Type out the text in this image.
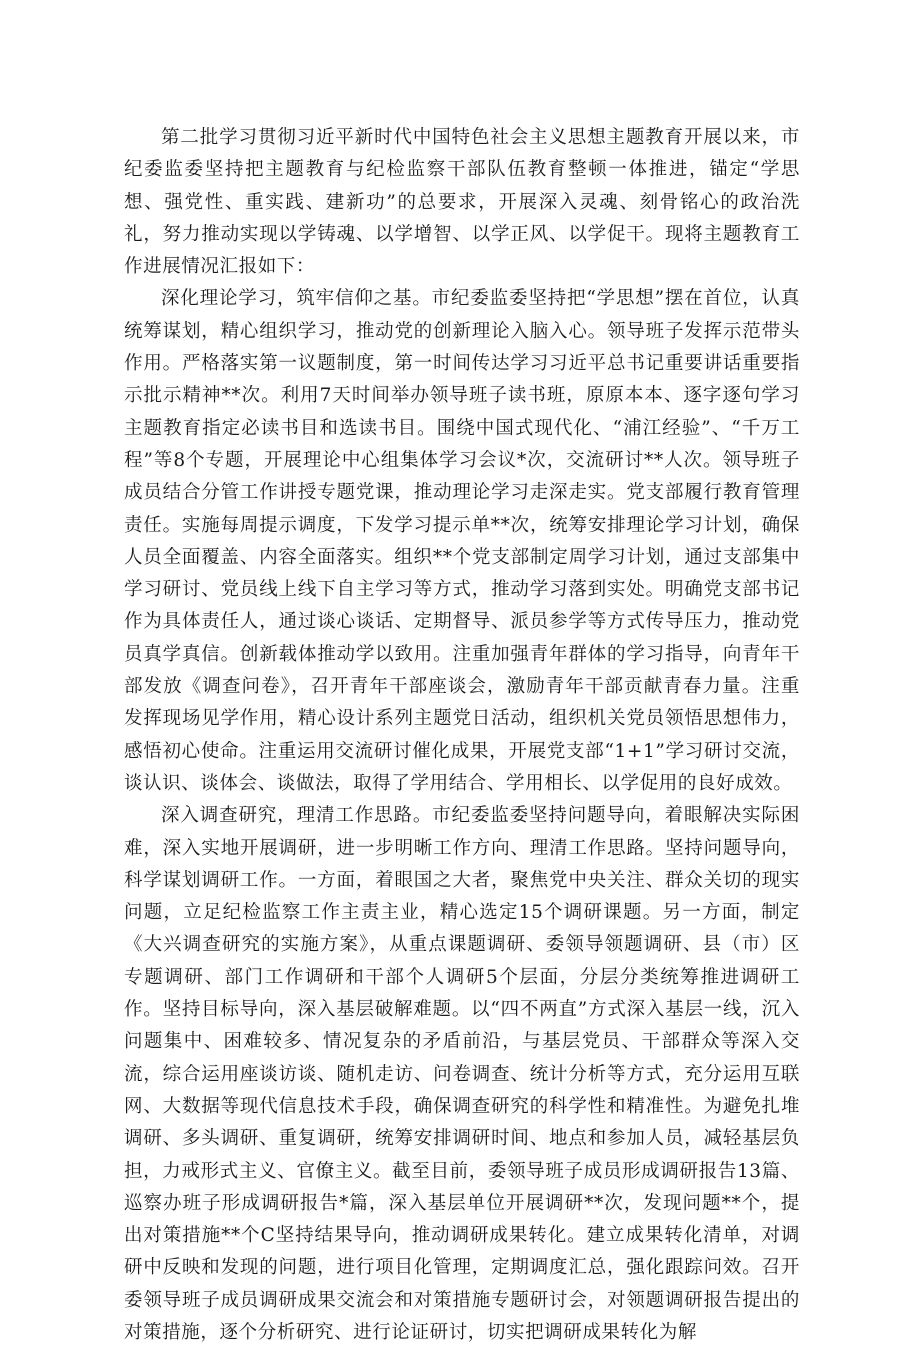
第二批学习贯彻习近平新时代中国特色社会主义思想主题教育开展以来，市纪委监委坚持把主题教育与纪检监察干部队伍教育整顿一体推进，锚定“学思想、强党性、重实践、建新功”的总要求，开展深入灵魂、刻骨铭心的政治洗礼，努力推动实现以学铸魂、以学增智、以学正风、以学促干。现将主题教育工作进展情况汇报如下：

深化理论学习，筑牢信仰之基。市纪委监委坚持把“学思想”摆在首位，认真统筹谋划，精心组织学习，推动党的创新理论入脑入心。领导班子发挥示范带头作用。严格落实第一议题制度，第一时间传达学习习近平总书记重要讲话重要指示批示精神**次。利用7天时间举办领导班子读书班，原原本本、逐字逐句学习主题教育指定必读书目和选读书目。围绕中国式现代化、“浦江经验”、“千万工程”等8个专题，开展理论中心组集体学习会议*次，交流研讨**人次。领导班子成员结合分管工作讲授专题党课，推动理论学习走深走实。党支部履行教育管理责任。实施每周提示调度，下发学习提示单**次，统筹安排理论学习计划，确保人员全面覆盖、内容全面落实。组织**个党支部制定周学习计划，通过支部集中学习研讨、党员线上线下自主学习等方式，推动学习落到实处。明确党支部书记作为具体责任人，通过谈心谈话、定期督导、派员参学等方式传导压力，推动党员真学真信。创新载体推动学以致用。注重加强青年群体的学习指导，向青年干部发放《调查问卷》，召开青年干部座谈会，激励青年干部贡献青春力量。注重发挥现场见学作用，精心设计系列主题党日活动，组织机关党员领悟思想伟力，感悟初心使命。注重运用交流研讨催化成果，开展党支部“1+1”学习研讨交流，谈认识、谈体会、谈做法，取得了学用结合、学用相长、以学促用的良好成效。

深入调查研究，理清工作思路。市纪委监委坚持问题导向，着眼解决实际困难，深入实地开展调研，进一步明晰工作方向、理清工作思路。坚持问题导向，科学谋划调研工作。一方面，着眼国之大者，聚焦党中央关注、群众关切的现实问题，立足纪检监察工作主责主业，精心选定15个调研课题。另一方面，制定《大兴调查研究的实施方案》，从重点课题调研、委领导领题调研、县（市）区专题调研、部门工作调研和干部个人调研5个层面，分层分类统筹推进调研工作。坚持目标导向，深入基层破解难题。以“四不两直”方式深入基层一线，沉入问题集中、困难较多、情况复杂的矛盾前沿，与基层党员、干部群众等深入交流，综合运用座谈访谈、随机走访、问卷调查、统计分析等方式，充分运用互联网、大数据等现代信息技术手段，确保调查研究的科学性和精准性。为避免扎堆调研、多头调研、重复调研，统筹安排调研时间、地点和参加人员，减轻基层负担，力戒形式主义、官僚主义。截至目前，委领导班子成员形成调研报告13篇、巡察办班子形成调研报告*篇，深入基层单位开展调研**次，发现问题**个，提出对策措施**个C坚持结果导向，推动调研成果转化。建立成果转化清单，对调研中反映和发现的问题，进行项目化管理，定期调度汇总，强化跟踪问效。召开委领导班子成员调研成果交流会和对策措施专题研讨会，对领题调研报告提出的对策措施，逐个分析研究、进行论证研讨，切实把调研成果转化为解
